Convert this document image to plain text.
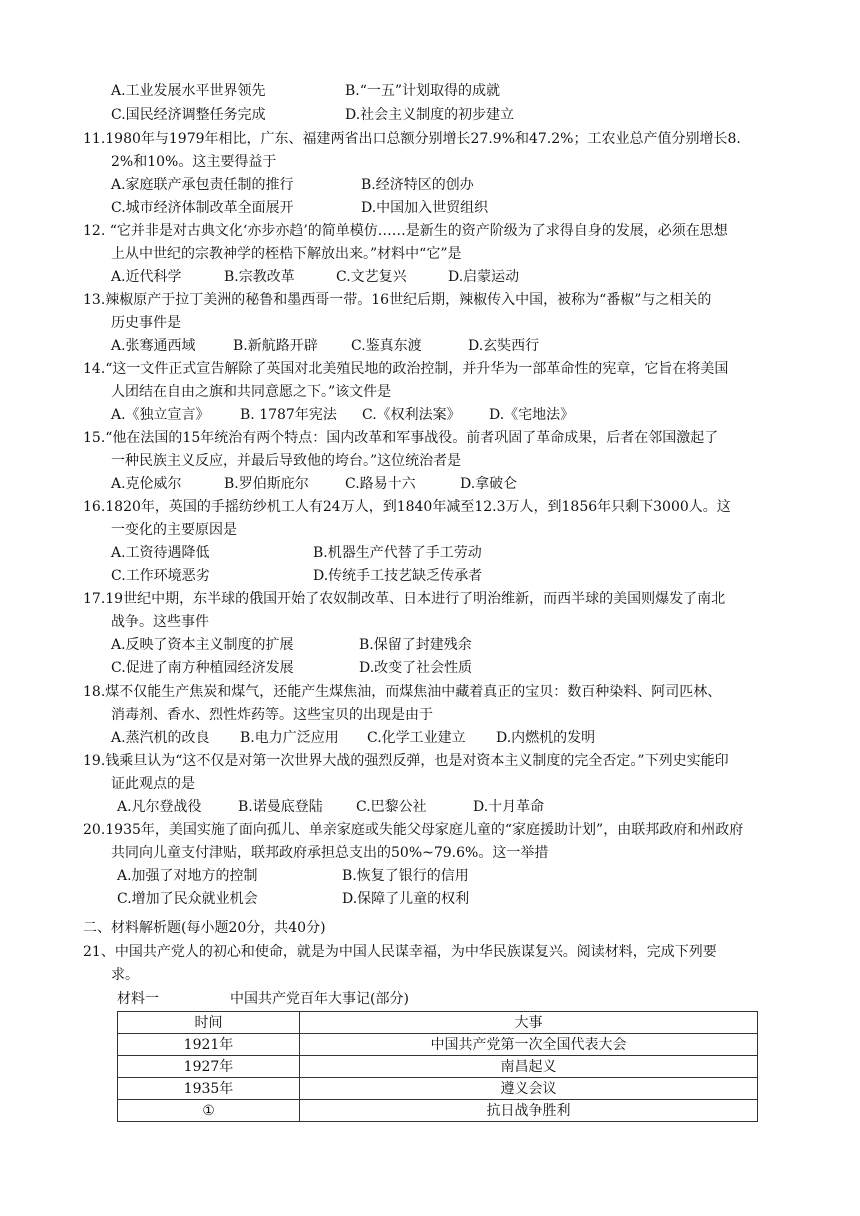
A.工业发展水平世界领先	B.“一五”计划取得的成就
C.国民经济调整任务完成	D.社会主义制度的初步建立
11.1980年与1979年相比，广东、福建两省出口总额分别增长27.9%和47.2%；工农业总产值分别增长8.
2%和10%。这主要得益于
A.家庭联产承包责任制的推行	B.经济特区的创办
C.城市经济体制改革全面展开	D.中国加入世贸组织
12. “它并非是对古典文化‘亦步亦趋’的简单模仿……是新生的资产阶级为了求得自身的发展，必须在思想
上从中世纪的宗教神学的桎梏下解放出来。”材料中“它”是
A.近代科学	B.宗教改革	C.文艺复兴	D.启蒙运动
13.辣椒原产于拉丁美洲的秘鲁和墨西哥一带。16世纪后期，辣椒传入中国，被称为“番椒”与之相关的
历史事件是
A.张骞通西域	B.新航路开辟 C.鉴真东渡	D.玄奘西行
14.“这一文件正式宣告解除了英国对北美殖民地的政治控制，并升华为一部革命性的宪章，它旨在将美国
人团结在自由之旗和共同意愿之下。”该文件是
A.《独立宣言》 B. 1787年宪法 C.《权利法案》 D.《宅地法》
15.“他在法国的15年统治有两个特点：国内改革和军事战役。前者巩固了革命成果，后者在邻国激起了
一种民族主义反应，并最后导致他的垮台。”这位统治者是
A.克伦威尔	B.罗伯斯庇尔	C.路易十六	D.拿破仑
16.1820年，英国的手摇纺纱机工人有24万人，到1840年减至12.3万人，到1856年只剩下3000人。这
一变化的主要原因是
A.工资待遇降低	B.机器生产代替了手工劳动
C.工作环境恶劣	D.传统手工技艺缺乏传承者
17.19世纪中期，东半球的俄国开始了农奴制改革、日本进行了明治维新，而西半球的美国则爆发了南北
战争。这些事件
A.反映了资本主义制度的扩展	B.保留了封建残余
C.促进了南方种植园经济发展	D.改变了社会性质
18.煤不仅能生产焦炭和煤气，还能产生煤焦油，而煤焦油中藏着真正的宝贝：数百种染料、阿司匹林、
消毒剂、香水、烈性炸药等。这些宝贝的出现是由于
A.蒸汽机的改良 B.电力广泛应用 C.化学工业建立 D.内燃机的发明
19.钱乘旦认为“这不仅是对第一次世界大战的强烈反弹，也是对资本主义制度的完全否定。”下列史实能印
证此观点的是
A.凡尔登战役	B.诺曼底登陆 C.巴黎公社	D.十月革命
20.1935年，美国实施了面向孤儿、单亲家庭或失能父母家庭儿童的“家庭援助计划”，由联邦政府和州政府
共同向儿童支付津贴，联邦政府承担总支出的50%~79.6%。这一举措
A.加强了对地方的控制	B.恢复了银行的信用
C.增加了民众就业机会	D.保障了儿童的权利
二、材料解析题(每小题20分，共40分)
21、中国共产党人的初心和使命，就是为中国人民谋幸福，为中华民族谋复兴。阅读材料，完成下列要
求。
材料一	中国共产党百年大事记(部分)
时间	大事
1921年	中国共产党第一次全国代表大会
1927年	南昌起义
1935年	遵义会议
①	抗日战争胜利
